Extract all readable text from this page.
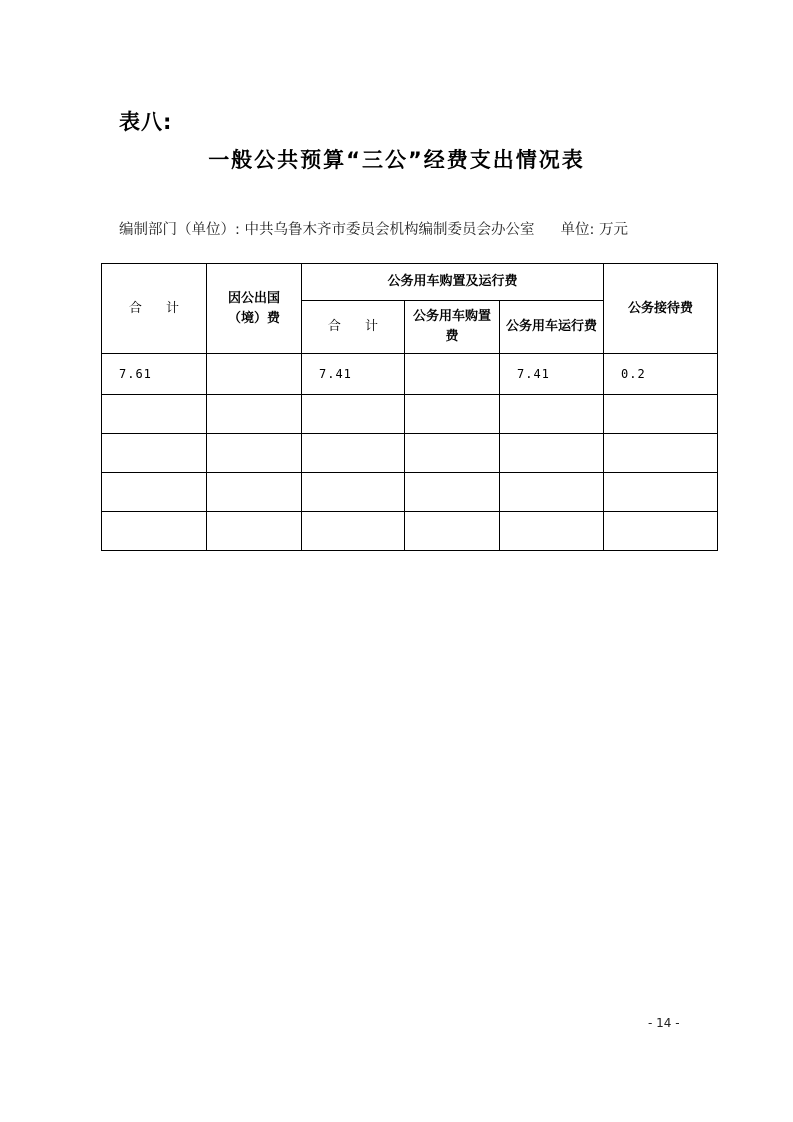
表八:
一般公共预算“三公”经费支出情况表
编制部门（单位）: 中共乌鲁木齐市委员会机构编制委员会办公室 单位: 万元
合 计	因公出国（境）费	公务用车购置及运行费			公务接待费
		合 计	公务用车购置费	公务用车运行费	

7.61		7.41		7.41	0.2

- 14 -
